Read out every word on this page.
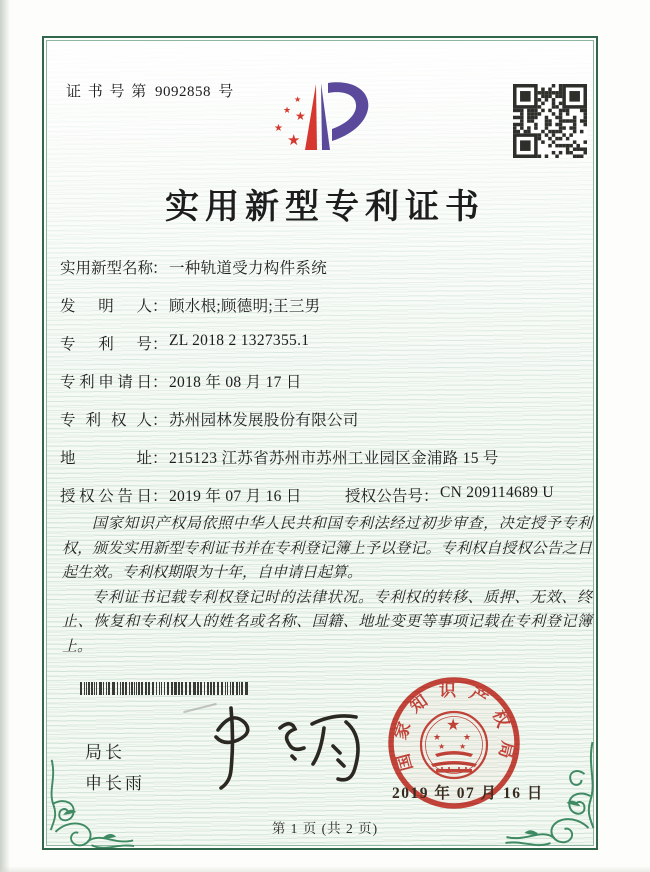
证 书 号 第 9092858 号	★
★ ★
★
★
实用新型专利证书
实用新型名称
： 一种轨道受力构件系统
发明人 ： 顾水根;顾德明;王三男
专利号 ： ZL 2018 2 1327355.1
专利申请日 ： 2018 年 08 月 17 日
专利权人 ： 苏州园林发展股份有限公司
地址 ： 215123 江苏省苏州市苏州工业园区金浦路 15 号
授权公告日 ： 2019 年 07 月 16 日	授权公告号 ： CN 209114689 U

国家知识产权局依照中华人民共和国专利法经过初步审查，决定授予专利权，颁发实用新型专利证书并在专利登记簿上予以登记。专利权自授权公告之日起生效。专利权期限为十年，自申请日起算。

专利证书记载专利权登记时的法律状况。专利权的转移、质押、无效、终止、恢复和专利权人的姓名或名称、国籍、地址变更等事项记载在专利登记簿上。

局长
申长雨
国家知识产权局
★
★ ★
★ ★
2019 年 07 月 16 日
第 1 页 (共 2 页)
